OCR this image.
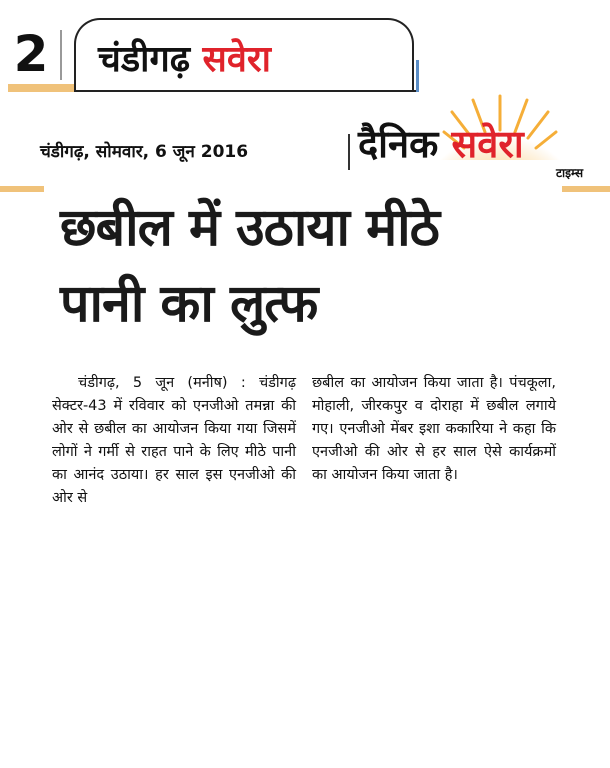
2 चंडीगढ़ सवेरा
चंडीगढ़, सोमवार, 6 जून 2016	दैनिक सवेरा
टाइम्स
छबील में उठाया मीठे
पानी का लुत्फ

चंडीगढ़, 5 जून (मनीष) : चंडीगढ़ सेक्टर-43 में रविवार को एनजीओ तमन्ना की ओर से छबील का आयोजन किया गया जिसमें लोगों ने गर्मी से राहत पाने के लिए मीठे पानी का आनंद उठाया। हर साल इस एनजीओ की ओर से

छबील का आयोजन किया जाता है। पंचकूला, मोहाली, जीरकपुर व दोराहा में छबील लगाये गए। एनजीओ मेंबर इशा ककारिया ने कहा कि एनजीओ की ओर से हर साल ऐसे कार्यक्रमों का आयोजन किया जाता है।
